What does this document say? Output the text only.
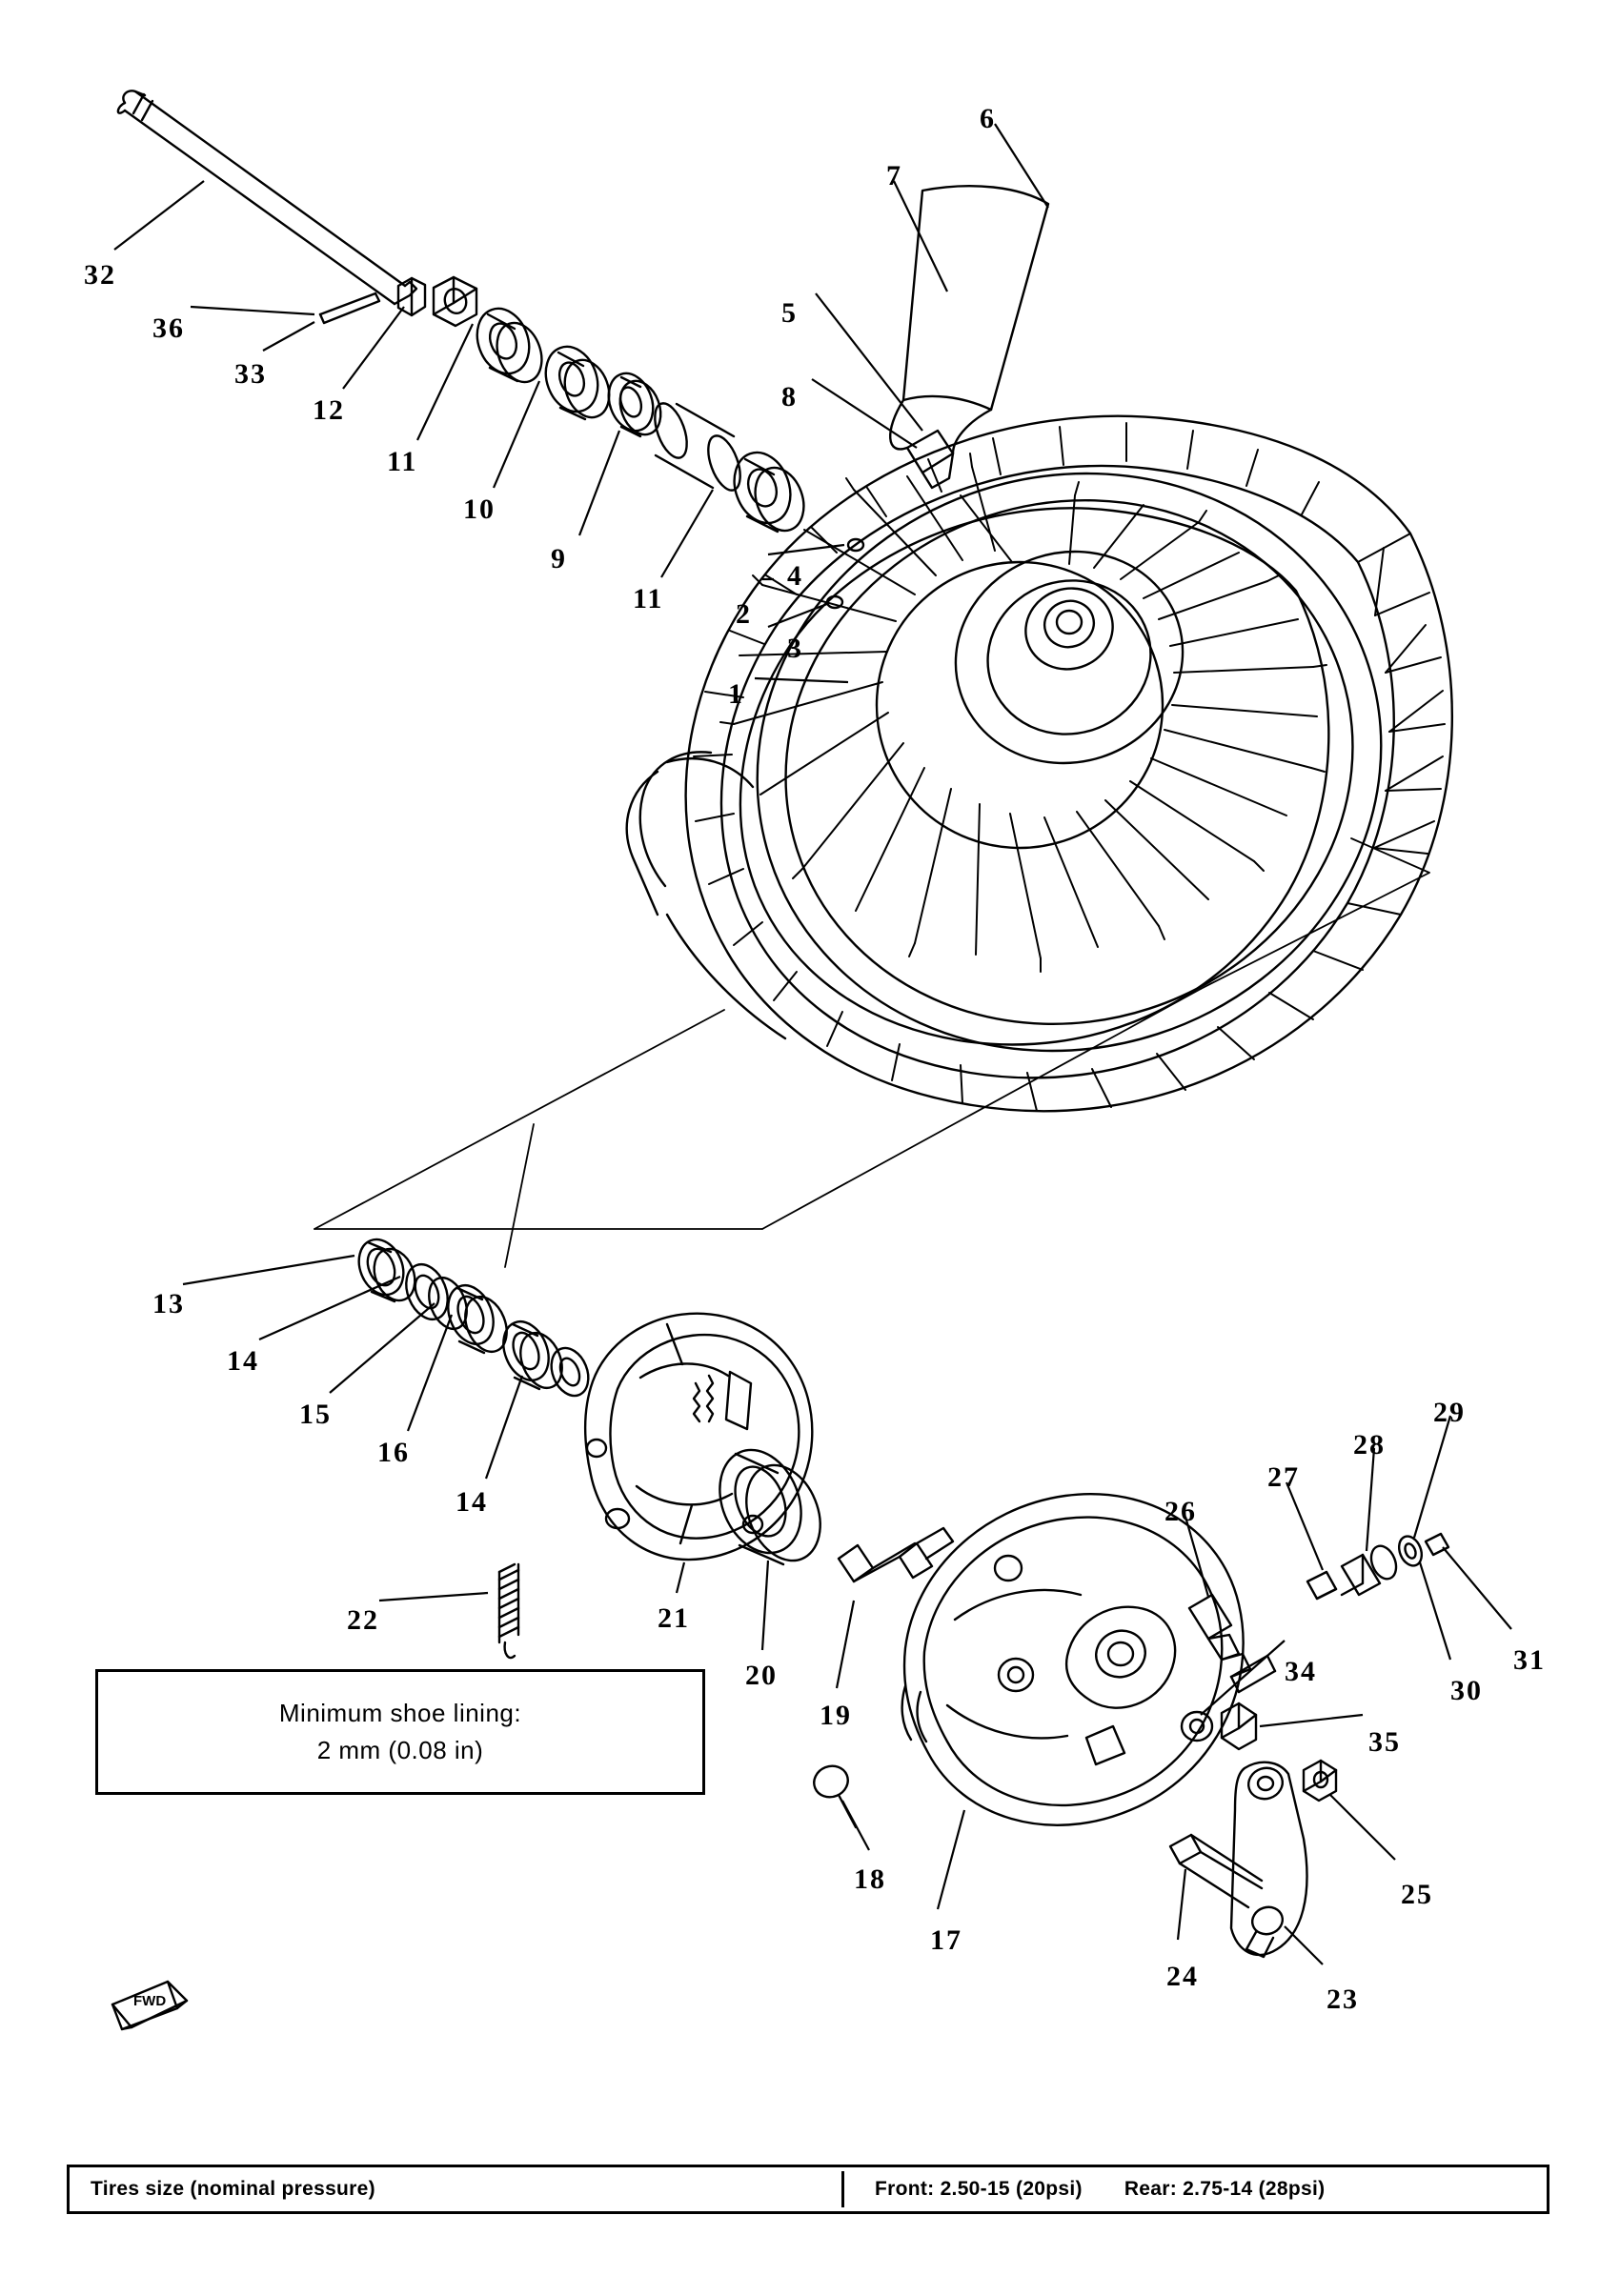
32
36
33
12
11
10
9
11	2
4
3
1
5
8
7
6
13
14
15
16
14
21
22
20
19
18
17
26
27
28
29
31
30
34
35
25
23
24
Minimum shoe lining:
2 mm (0.08 in)
FWD
Tires size (nominal pressure)	Front: 2.50-15 (20psi) Rear: 2.75-14 (28psi)
